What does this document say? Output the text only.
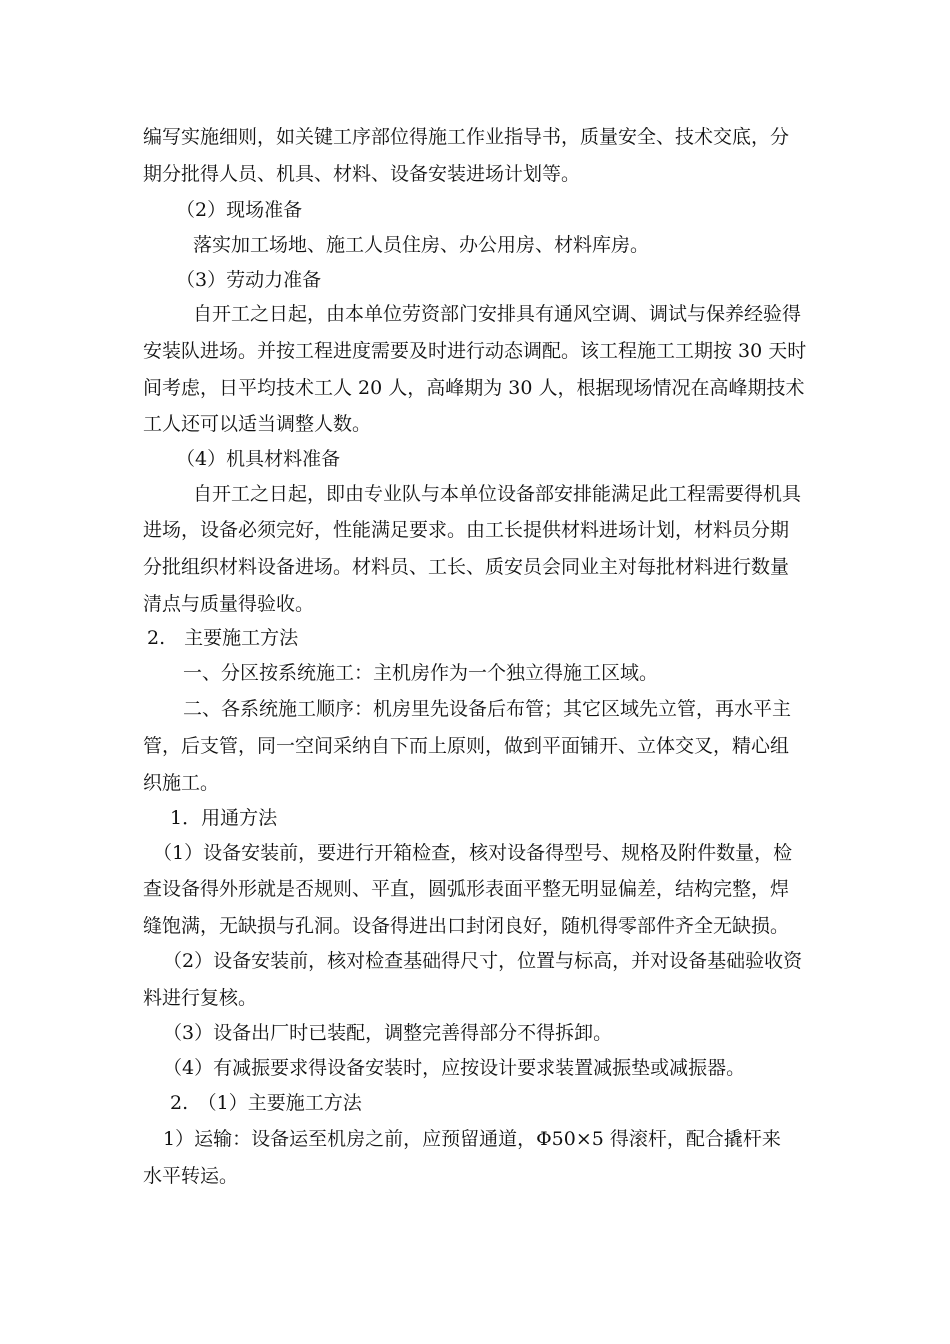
编写实施细则，如关键工序部位得施工作业指导书，质量安全、技术交底，分
期分批得人员、机具、材料、设备安装进场计划等。
（2）现场准备
落实加工场地、施工人员住房、办公用房、材料库房。
（3）劳动力准备
自开工之日起，由本单位劳资部门安排具有通风空调、调试与保养经验得
安装队进场。并按工程进度需要及时进行动态调配。该工程施工工期按 30 天时
间考虑，日平均技术工人 20 人，高峰期为 30 人，根据现场情况在高峰期技术
工人还可以适当调整人数。
（4）机具材料准备
自开工之日起，即由专业队与本单位设备部安排能满足此工程需要得机具
进场，设备必须完好，性能满足要求。由工长提供材料进场计划，材料员分期
分批组织材料设备进场。材料员、工长、质安员会同业主对每批材料进行数量
清点与质量得验收。
2.　主要施工方法
一、分区按系统施工：主机房作为一个独立得施工区域。
二、各系统施工顺序：机房里先设备后布管；其它区域先立管，再水平主
管，后支管，同一空间采纳自下而上原则，做到平面铺开、立体交叉，精心组
织施工。
1．用通方法
（1）设备安装前，要进行开箱检查，核对设备得型号、规格及附件数量，检
查设备得外形就是否规则、平直，圆弧形表面平整无明显偏差，结构完整，焊
缝饱满，无缺损与孔洞。设备得进出口封闭良好，随机得零部件齐全无缺损。
（2）设备安装前，核对检查基础得尺寸，位置与标高，并对设备基础验收资
料进行复核。
（3）设备出厂时已装配，调整完善得部分不得拆卸。
（4）有减振要求得设备安装时，应按设计要求装置减振垫或减振器。
2.　（1）主要施工方法
1）运输：设备运至机房之前，应预留通道，Φ50×5 得滚杆，配合撬杆来
水平转运。
